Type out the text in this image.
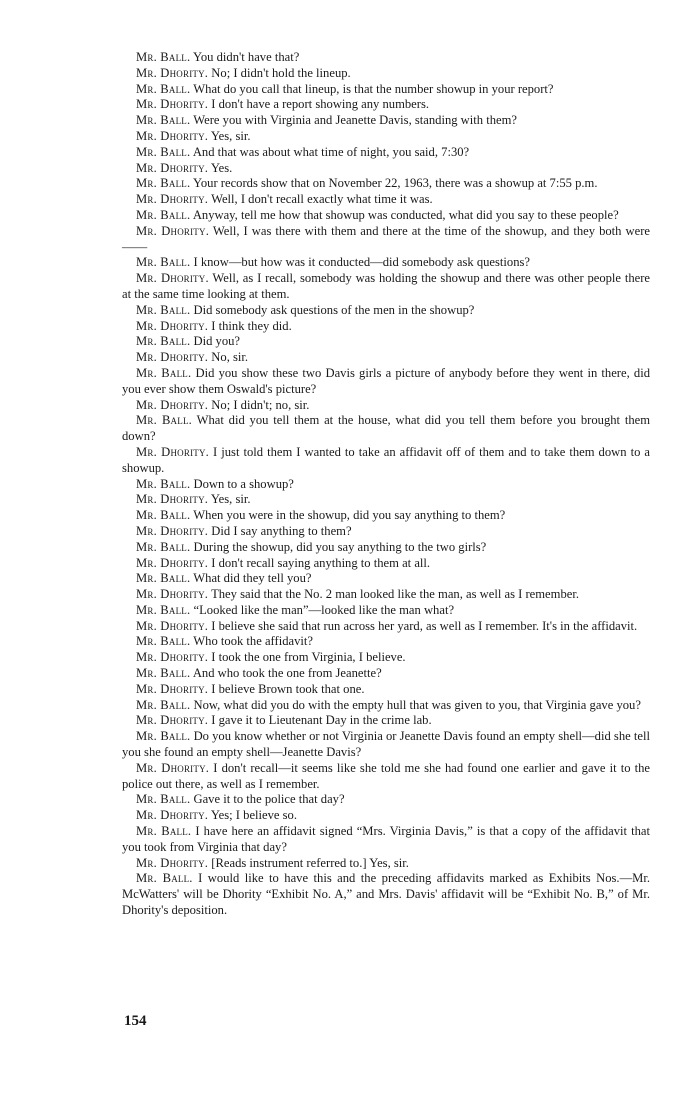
Mr. Ball. You didn't have that?

Mr. Dhority. No; I didn't hold the lineup.

Mr. Ball. What do you call that lineup, is that the number showup in your report?

Mr. Dhority. I don't have a report showing any numbers.

Mr. Ball. Were you with Virginia and Jeanette Davis, standing with them?

Mr. Dhority. Yes, sir.

Mr. Ball. And that was about what time of night, you said, 7:30?

Mr. Dhority. Yes.

Mr. Ball. Your records show that on November 22, 1963, there was a showup at 7:55 p.m.

Mr. Dhority. Well, I don't recall exactly what time it was.

Mr. Ball. Anyway, tell me how that showup was conducted, what did you say to these people?

Mr. Dhority. Well, I was there with them and there at the time of the showup, and they both were——

Mr. Ball. I know—but how was it conducted—did somebody ask questions?

Mr. Dhority. Well, as I recall, somebody was holding the showup and there was other people there at the same time looking at them.

Mr. Ball. Did somebody ask questions of the men in the showup?

Mr. Dhority. I think they did.

Mr. Ball. Did you?

Mr. Dhority. No, sir.

Mr. Ball. Did you show these two Davis girls a picture of anybody before they went in there, did you ever show them Oswald's picture?

Mr. Dhority. No; I didn't; no, sir.

Mr. Ball. What did you tell them at the house, what did you tell them before you brought them down?

Mr. Dhority. I just told them I wanted to take an affidavit off of them and to take them down to a showup.

Mr. Ball. Down to a showup?

Mr. Dhority. Yes, sir.

Mr. Ball. When you were in the showup, did you say anything to them?

Mr. Dhority. Did I say anything to them?

Mr. Ball. During the showup, did you say anything to the two girls?

Mr. Dhority. I don't recall saying anything to them at all.

Mr. Ball. What did they tell you?

Mr. Dhority. They said that the No. 2 man looked like the man, as well as I remember.

Mr. Ball. “Looked like the man”—looked like the man what?

Mr. Dhority. I believe she said that run across her yard, as well as I remember. It's in the affidavit.

Mr. Ball. Who took the affidavit?

Mr. Dhority. I took the one from Virginia, I believe.

Mr. Ball. And who took the one from Jeanette?

Mr. Dhority. I believe Brown took that one.

Mr. Ball. Now, what did you do with the empty hull that was given to you, that Virginia gave you?

Mr. Dhority. I gave it to Lieutenant Day in the crime lab.

Mr. Ball. Do you know whether or not Virginia or Jeanette Davis found an empty shell—did she tell you she found an empty shell—Jeanette Davis?

Mr. Dhority. I don't recall—it seems like she told me she had found one earlier and gave it to the police out there, as well as I remember.

Mr. Ball. Gave it to the police that day?

Mr. Dhority. Yes; I believe so.

Mr. Ball. I have here an affidavit signed “Mrs. Virginia Davis,” is that a copy of the affidavit that you took from Virginia that day?

Mr. Dhority. [Reads instrument referred to.] Yes, sir.

Mr. Ball. I would like to have this and the preceding affidavits marked as Exhibits Nos.—Mr. McWatters' will be Dhority “Exhibit No. A,” and Mrs. Davis' affidavit will be “Exhibit No. B,” of Mr. Dhority's deposition.

154
